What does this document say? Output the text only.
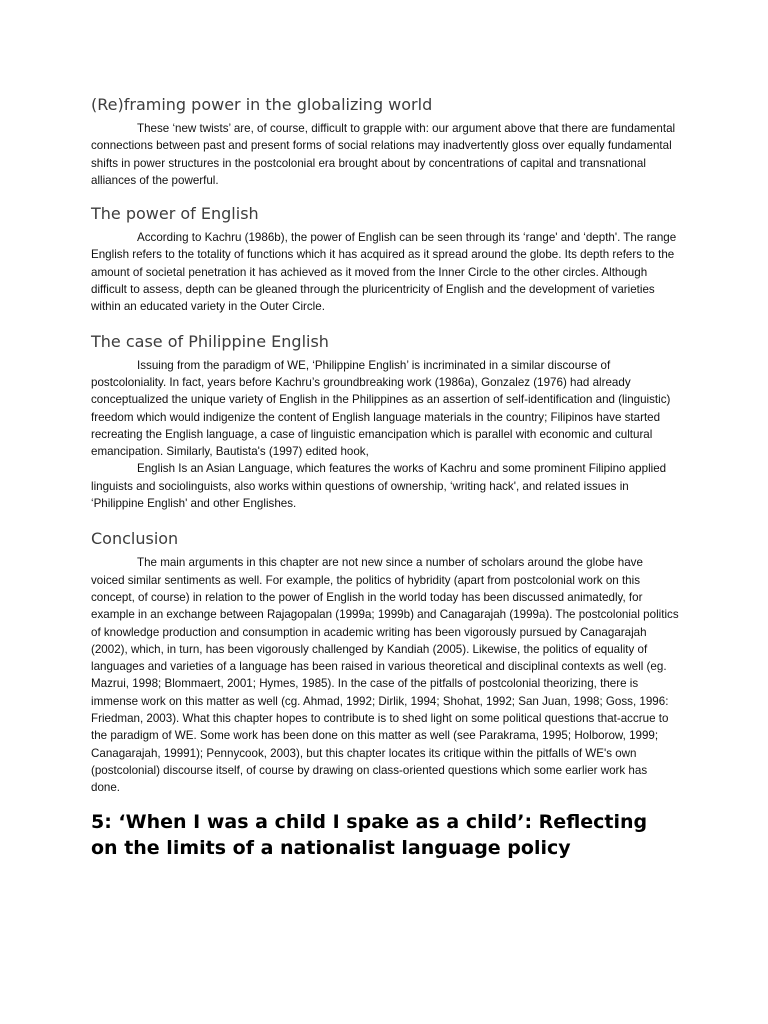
(Re)framing power in the globalizing world

These ‘new twists’ are, of course, difficult to grapple with: our argument above that there are fundamental connections between past and present forms of social relations may inadvertently gloss over equally fundamental shifts in power structures in the postcolonial era brought about by concentrations of capital and transnational alliances of the powerful.

The power of English

According to Kachru (1986b), the power of English can be seen through its ‘range' and ‘depth'. The range English refers to the totality of functions which it has acquired as it spread around the globe. Its depth refers to the amount of societal penetration it has achieved as it moved from the Inner Circle to the other circles. Although difficult to assess, depth can be gleaned through the pluricentricity of English and the development of varieties within an educated variety in the Outer Circle.

The case of Philippine English

Issuing from the paradigm of WE, ‘Philippine English’ is incriminated in a similar discourse of postcoloniality. In fact, years before Kachru’s groundbreaking work (1986a), Gonzalez (1976) had already conceptualized the unique variety of English in the Philippines as an assertion of self-identification and (linguistic) freedom which would indigenize the content of English language materials in the country; Filipinos have started recreating the English language, a case of linguistic emancipation which is parallel with economic and cultural emancipation. Similarly, Bautista's (1997) edited hook,

English Is an Asian Language, which features the works of Kachru and some prominent Filipino applied linguists and sociolinguists, also works within questions of ownership, ‘writing hack', and related issues in ‘Philippine English' and other Englishes.

Conclusion

The main arguments in this chapter are not new since a number of scholars around the globe have voiced similar sentiments as well. For example, the politics of hybridity (apart from postcolonial work on this concept, of course) in relation to the power of English in the world today has been discussed animatedly, for example in an exchange between Rajagopalan (1999a; 1999b) and Canagarajah (1999a). The postcolonial politics of knowledge production and consumption in academic writing has been vigorously pursued by Canagarajah (2002), which, in turn, has been vigorously challenged by Kandiah (2005). Likewise, the politics of equality of languages and varieties of a language has been raised in various theoretical and disciplinal contexts as well (eg. Mazrui, 1998; Blommaert, 2001; Hymes, 1985). In the case of the pitfalls of postcolonial theorizing, there is immense work on this matter as well (cg. Ahmad, 1992; Dirlik, 1994; Shohat, 1992; San Juan, 1998; Goss, 1996: Friedman, 2003). What this chapter hopes to contribute is to shed light on some political questions that-accrue to the paradigm of WE. Some work has been done on this matter as well (see Parakrama, 1995; Holborow, 1999; Canagarajah, 19991); Pennycook, 2003), but this chapter locates its critique within the pitfalls of WE's own (postcolonial) discourse itself, of course by drawing on class-oriented questions which some earlier work has done.

5: ‘When I was a child I spake as a child’: Reflecting on the limits of a nationalist language policy
